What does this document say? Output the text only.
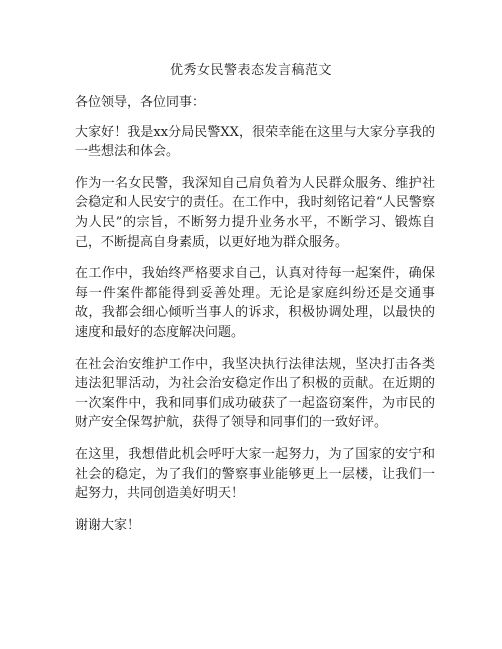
优秀女民警表态发言稿范文

各位领导，各位同事：

大家好！我是xx分局民警XX，很荣幸能在这里与大家分享我的一些想法和体会。

作为一名女民警，我深知自己肩负着为人民群众服务、维护社会稳定和人民安宁的责任。在工作中，我时刻铭记着“人民警察为人民”的宗旨，不断努力提升业务水平，不断学习、锻炼自己，不断提高自身素质，以更好地为群众服务。

在工作中，我始终严格要求自己，认真对待每一起案件，确保每一件案件都能得到妥善处理。无论是家庭纠纷还是交通事故，我都会细心倾听当事人的诉求，积极协调处理，以最快的速度和最好的态度解决问题。

在社会治安维护工作中，我坚决执行法律法规，坚决打击各类违法犯罪活动，为社会治安稳定作出了积极的贡献。在近期的一次案件中，我和同事们成功破获了一起盗窃案件，为市民的财产安全保驾护航，获得了领导和同事们的一致好评。

在这里，我想借此机会呼吁大家一起努力，为了国家的安宁和社会的稳定，为了我们的警察事业能够更上一层楼，让我们一起努力，共同创造美好明天！

谢谢大家！
